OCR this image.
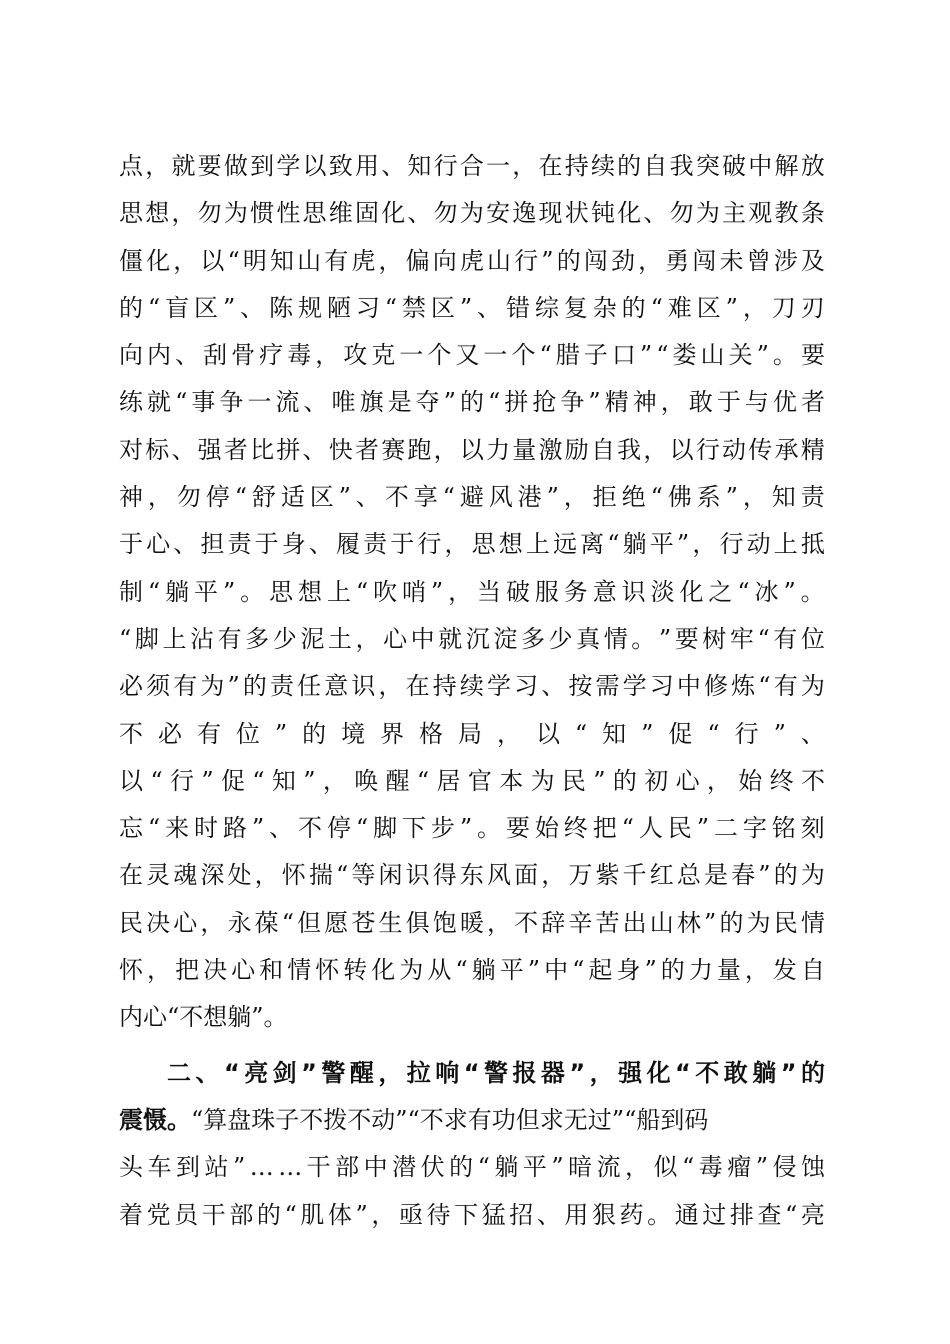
点 ， 就 要 做 到 学 以 致 用 、 知 行 合 一 ， 在 持 续 的 自 我 突 破 中 解 放
思 想 ， 勿 为 惯 性 思 维 固 化 、 勿 为 安 逸 现 状 钝 化 、 勿 为 主 观 教 条
僵 化 ， 以 “ 明 知 山 有 虎 ， 偏 向 虎 山 行 ” 的 闯 劲 ， 勇 闯 未 曾 涉 及
的 “ 盲 区 ” 、 陈 规 陋 习 “ 禁 区 ” 、 错 综 复 杂 的 “ 难 区 ” ， 刀 刃
向 内 、 刮 骨 疗 毒 ， 攻 克 一 个 又 一 个 “ 腊 子 口 ” “ 娄 山 关 ” 。 要
练 就 “ 事 争 一 流 、 唯 旗 是 夺 ” 的 “ 拼 抢 争 ” 精 神 ， 敢 于 与 优 者
对 标 、 强 者 比 拼 、 快 者 赛 跑 ， 以 力 量 激 励 自 我 ， 以 行 动 传 承 精
神 ， 勿 停 “ 舒 适 区 ” 、 不 享 “ 避 风 港 ” ， 拒 绝 “ 佛 系 ” ， 知 责
于 心 、 担 责 于 身 、 履 责 于 行 ， 思 想 上 远 离 “ 躺 平 ” ， 行 动 上 抵
制 “ 躺 平 ” 。 思 想 上 “ 吹 哨 ” ， 当 破 服 务 意 识 淡 化 之 “ 冰 ” 。
“ 脚 上 沾 有 多 少 泥 土 ， 心 中 就 沉 淀 多 少 真 情 。 ” 要 树 牢 “ 有 位
必 须 有 为 ” 的 责 任 意 识 ， 在 持 续 学 习 、 按 需 学 习 中 修 炼 “ 有 为
不 必 有 位 ” 的 境 界 格 局 ， 以 “ 知 ” 促 “ 行 ” 、
以 “ 行 ” 促 “ 知 ” ， 唤 醒 “ 居 官 本 为 民 ” 的 初 心 ， 始 终 不
忘 “ 来 时 路 ” 、 不 停 “ 脚 下 步 ” 。 要 始 终 把 “ 人 民 ” 二 字 铭 刻
在 灵 魂 深 处 ， 怀 揣 “ 等 闲 识 得 东 风 面 ， 万 紫 千 红 总 是 春 ” 的 为
民 决 心 ， 永 葆 “ 但 愿 苍 生 俱 饱 暖 ， 不 辞 辛 苦 出 山 林 ” 的 为 民 情
怀 ， 把 决 心 和 情 怀 转 化 为 从 “ 躺 平 ” 中 “ 起 身 ” 的 力 量 ， 发 自
内心“不想躺”。
二 、 “ 亮 剑 ” 警 醒 ， 拉 响 “ 警 报 器 ” ， 强 化 “ 不 敢 躺 ” 的
震慑。“算盘珠子不拨不动”“不求有功但求无过”“船到码
头 车 到 站 ” … … 干 部 中 潜 伏 的 “ 躺 平 ” 暗 流 ， 似 “ 毒 瘤 ” 侵 蚀
着 党 员 干 部 的 “ 肌 体 ” ， 亟 待 下 猛 招 、 用 狠 药 。 通 过 排 查 “ 亮
